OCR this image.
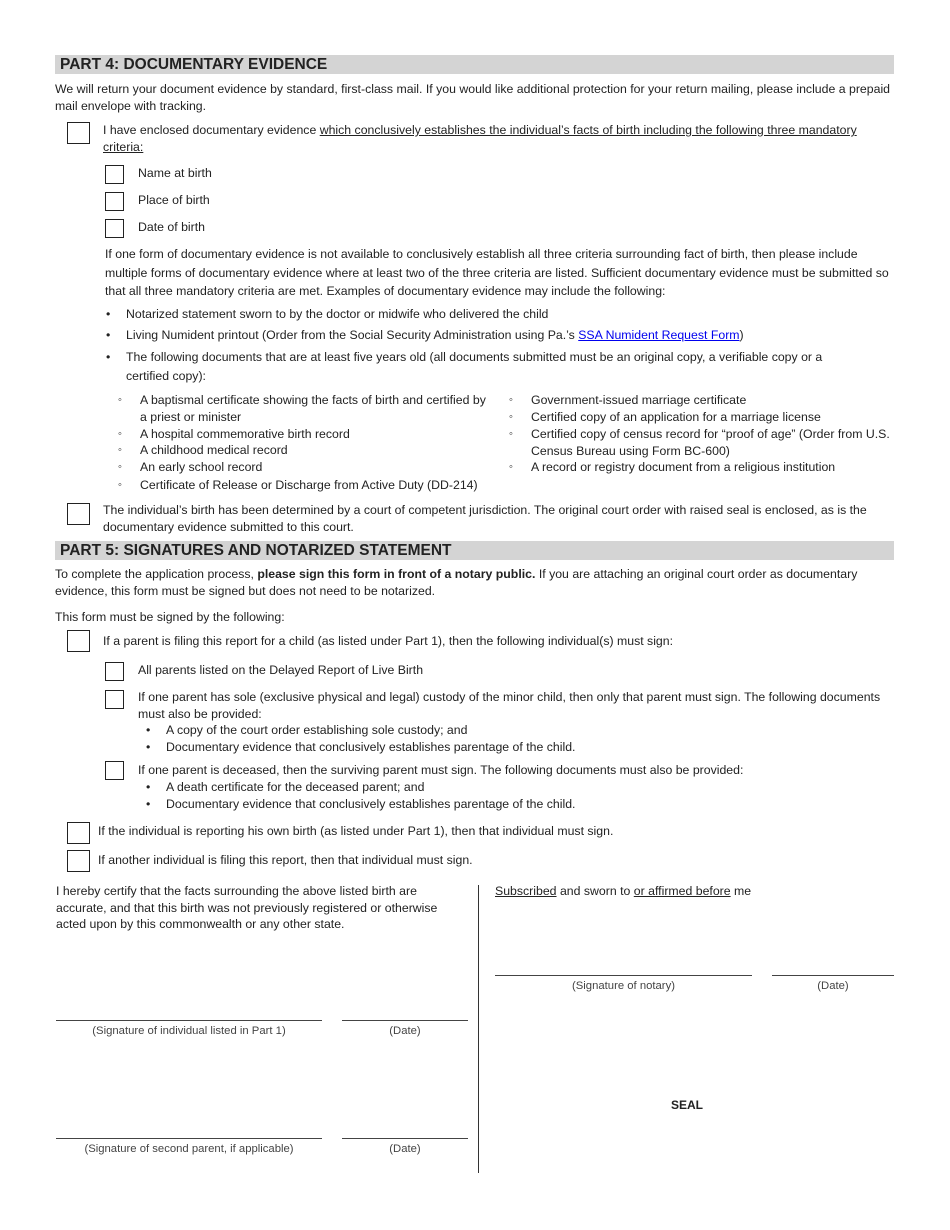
PART 4: DOCUMENTARY EVIDENCE
We will return your document evidence by standard, first-class mail. If you would like additional protection for your return mailing, please include a prepaid mail envelope with tracking.
I have enclosed documentary evidence which conclusively establishes the individual’s facts of birth including the following three mandatory criteria:
Name at birth
Place of birth
Date of birth
If one form of documentary evidence is not available to conclusively establish all three criteria surrounding fact of birth, then please include multiple forms of documentary evidence where at least two of the three criteria are listed. Sufficient documentary evidence must be submitted so that all three mandatory criteria are met. Examples of documentary evidence may include the following:
• Notarized statement sworn to by the doctor or midwife who delivered the child
• Living Numident printout (Order from the Social Security Administration using Pa.’s SSA Numident Request Form)
• The following documents that are at least five years old (all documents submitted must be an original copy, a verifiable copy or a certified copy):
◦ A baptismal certificate showing the facts of birth and certified by a priest or minister
◦ A hospital commemorative birth record
◦ A childhood medical record
◦ An early school record
◦ Certificate of Release or Discharge from Active Duty (DD-214)
◦ Government-issued marriage certificate
◦ Certified copy of an application for a marriage license
◦ Certified copy of census record for “proof of age” (Order from U.S. Census Bureau using Form BC-600)
◦ A record or registry document from a religious institution
The individual’s birth has been determined by a court of competent jurisdiction. The original court order with raised seal is enclosed, as is the documentary evidence submitted to this court.
PART 5: SIGNATURES AND NOTARIZED STATEMENT
To complete the application process, please sign this form in front of a notary public. If you are attaching an original court order as documentary evidence, this form must be signed but does not need to be notarized.
This form must be signed by the following:
If a parent is filing this report for a child (as listed under Part 1), then the following individual(s) must sign:
All parents listed on the Delayed Report of Live Birth
If one parent has sole (exclusive physical and legal) custody of the minor child, then only that parent must sign. The following documents must also be provided:
• A copy of the court order establishing sole custody; and
• Documentary evidence that conclusively establishes parentage of the child.
If one parent is deceased, then the surviving parent must sign. The following documents must also be provided:
• A death certificate for the deceased parent; and
• Documentary evidence that conclusively establishes parentage of the child.
If the individual is reporting his own birth (as listed under Part 1), then that individual must sign.
If another individual is filing this report, then that individual must sign.
I hereby certify that the facts surrounding the above listed birth are accurate, and that this birth was not previously registered or otherwise acted upon by this commonwealth or any other state.
Subscribed and sworn to or affirmed before me
(Signature of notary)	(Date)
(Signature of individual listed in Part 1)	(Date)
SEAL
(Signature of second parent, if applicable)	(Date)
